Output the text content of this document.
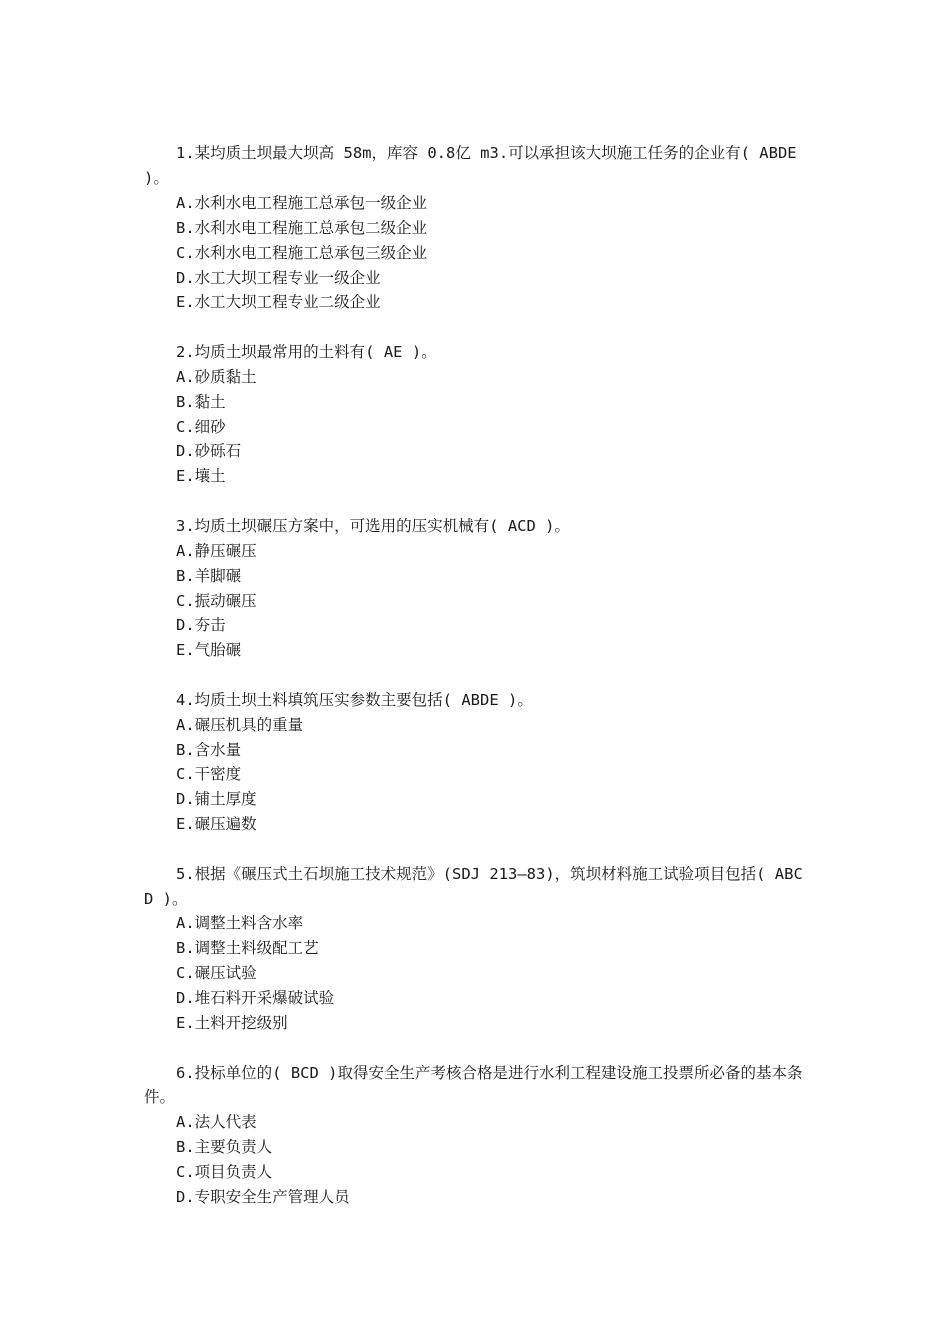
1.某均质土坝最大坝高 58m，库容 0.8亿 m3.可以承担该大坝施工任务的企业有( ABDE )。

A.水利水电工程施工总承包一级企业

B.水利水电工程施工总承包二级企业

C.水利水电工程施工总承包三级企业

D.水工大坝工程专业一级企业

E.水工大坝工程专业二级企业

2.均质土坝最常用的土料有( AE )。

A.砂质黏土

B.黏土

C.细砂

D.砂砾石

E.壤土

3.均质土坝碾压方案中，可选用的压实机械有( ACD )。

A.静压碾压

B.羊脚碾

C.振动碾压

D.夯击

E.气胎碾

4.均质土坝土料填筑压实参数主要包括( ABDE )。

A.碾压机具的重量

B.含水量

C.干密度

D.铺土厚度

E.碾压遍数

5.根据《碾压式土石坝施工技术规范》(SDJ 213—83)，筑坝材料施工试验项目包括( ABCD )。

A.调整土料含水率

B.调整土料级配工艺

C.碾压试验

D.堆石料开采爆破试验

E.土料开挖级别

6.投标单位的( BCD )取得安全生产考核合格是进行水利工程建设施工投票所必备的基本条件。

A.法人代表

B.主要负责人

C.项目负责人

D.专职安全生产管理人员
